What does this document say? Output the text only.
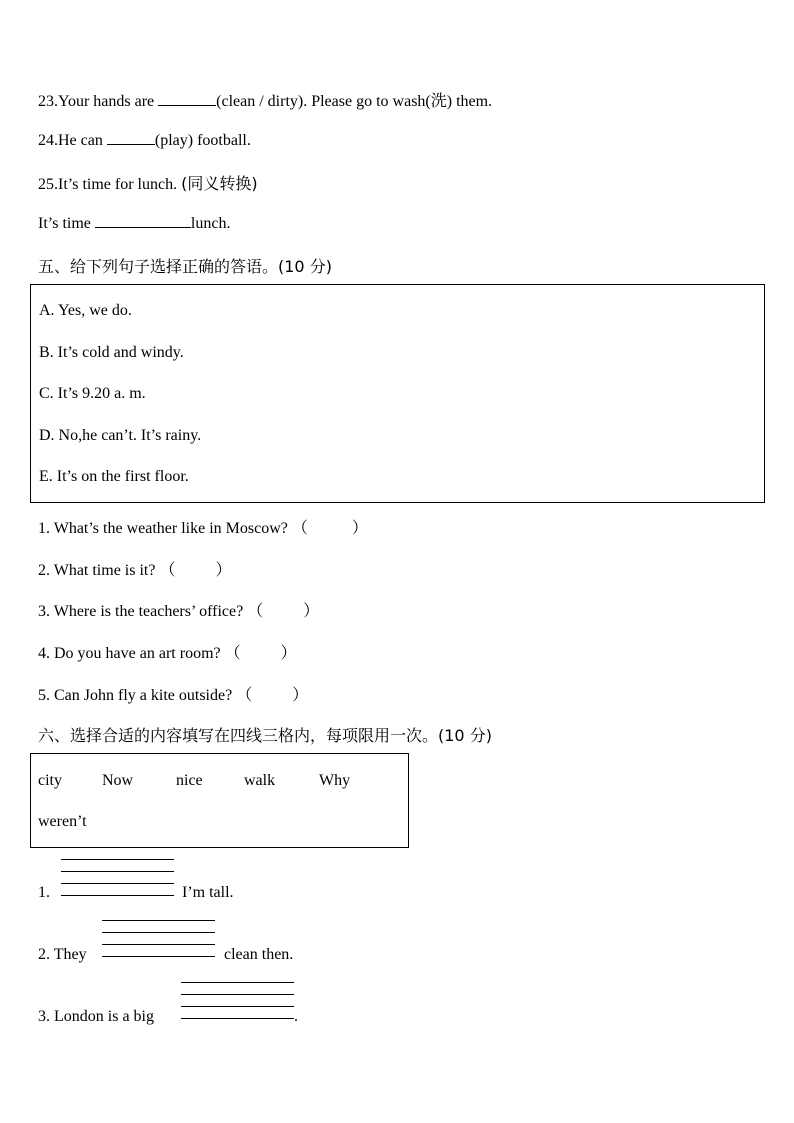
23.Your hands are	(clean / dirty). Please go to wash(洗) them.
24.He can	(play) football.
25.It’s time for lunch. (同义转换)
It’s time	lunch.
五、给下列句子选择正确的答语。(10 分)
A. Yes, we do.
B. It’s cold and windy.
C. It’s 9.20 a. m.
D. No,he can’t. It’s rainy.
E. It’s on the first floor.
1. What’s the weather like in Moscow? （	）
2. What time is it? （	）
3. Where is the teachers’ office? （	）
4. Do you have an art room? （	）
5. Can John fly a kite outside? （	）
六、选择合适的内容填写在四线三格内，每项限用一次。(10 分)
city	Now	nice	walk	Why
weren’t
1.	I’m tall.
2. They	clean then.
3. London is a big	.
